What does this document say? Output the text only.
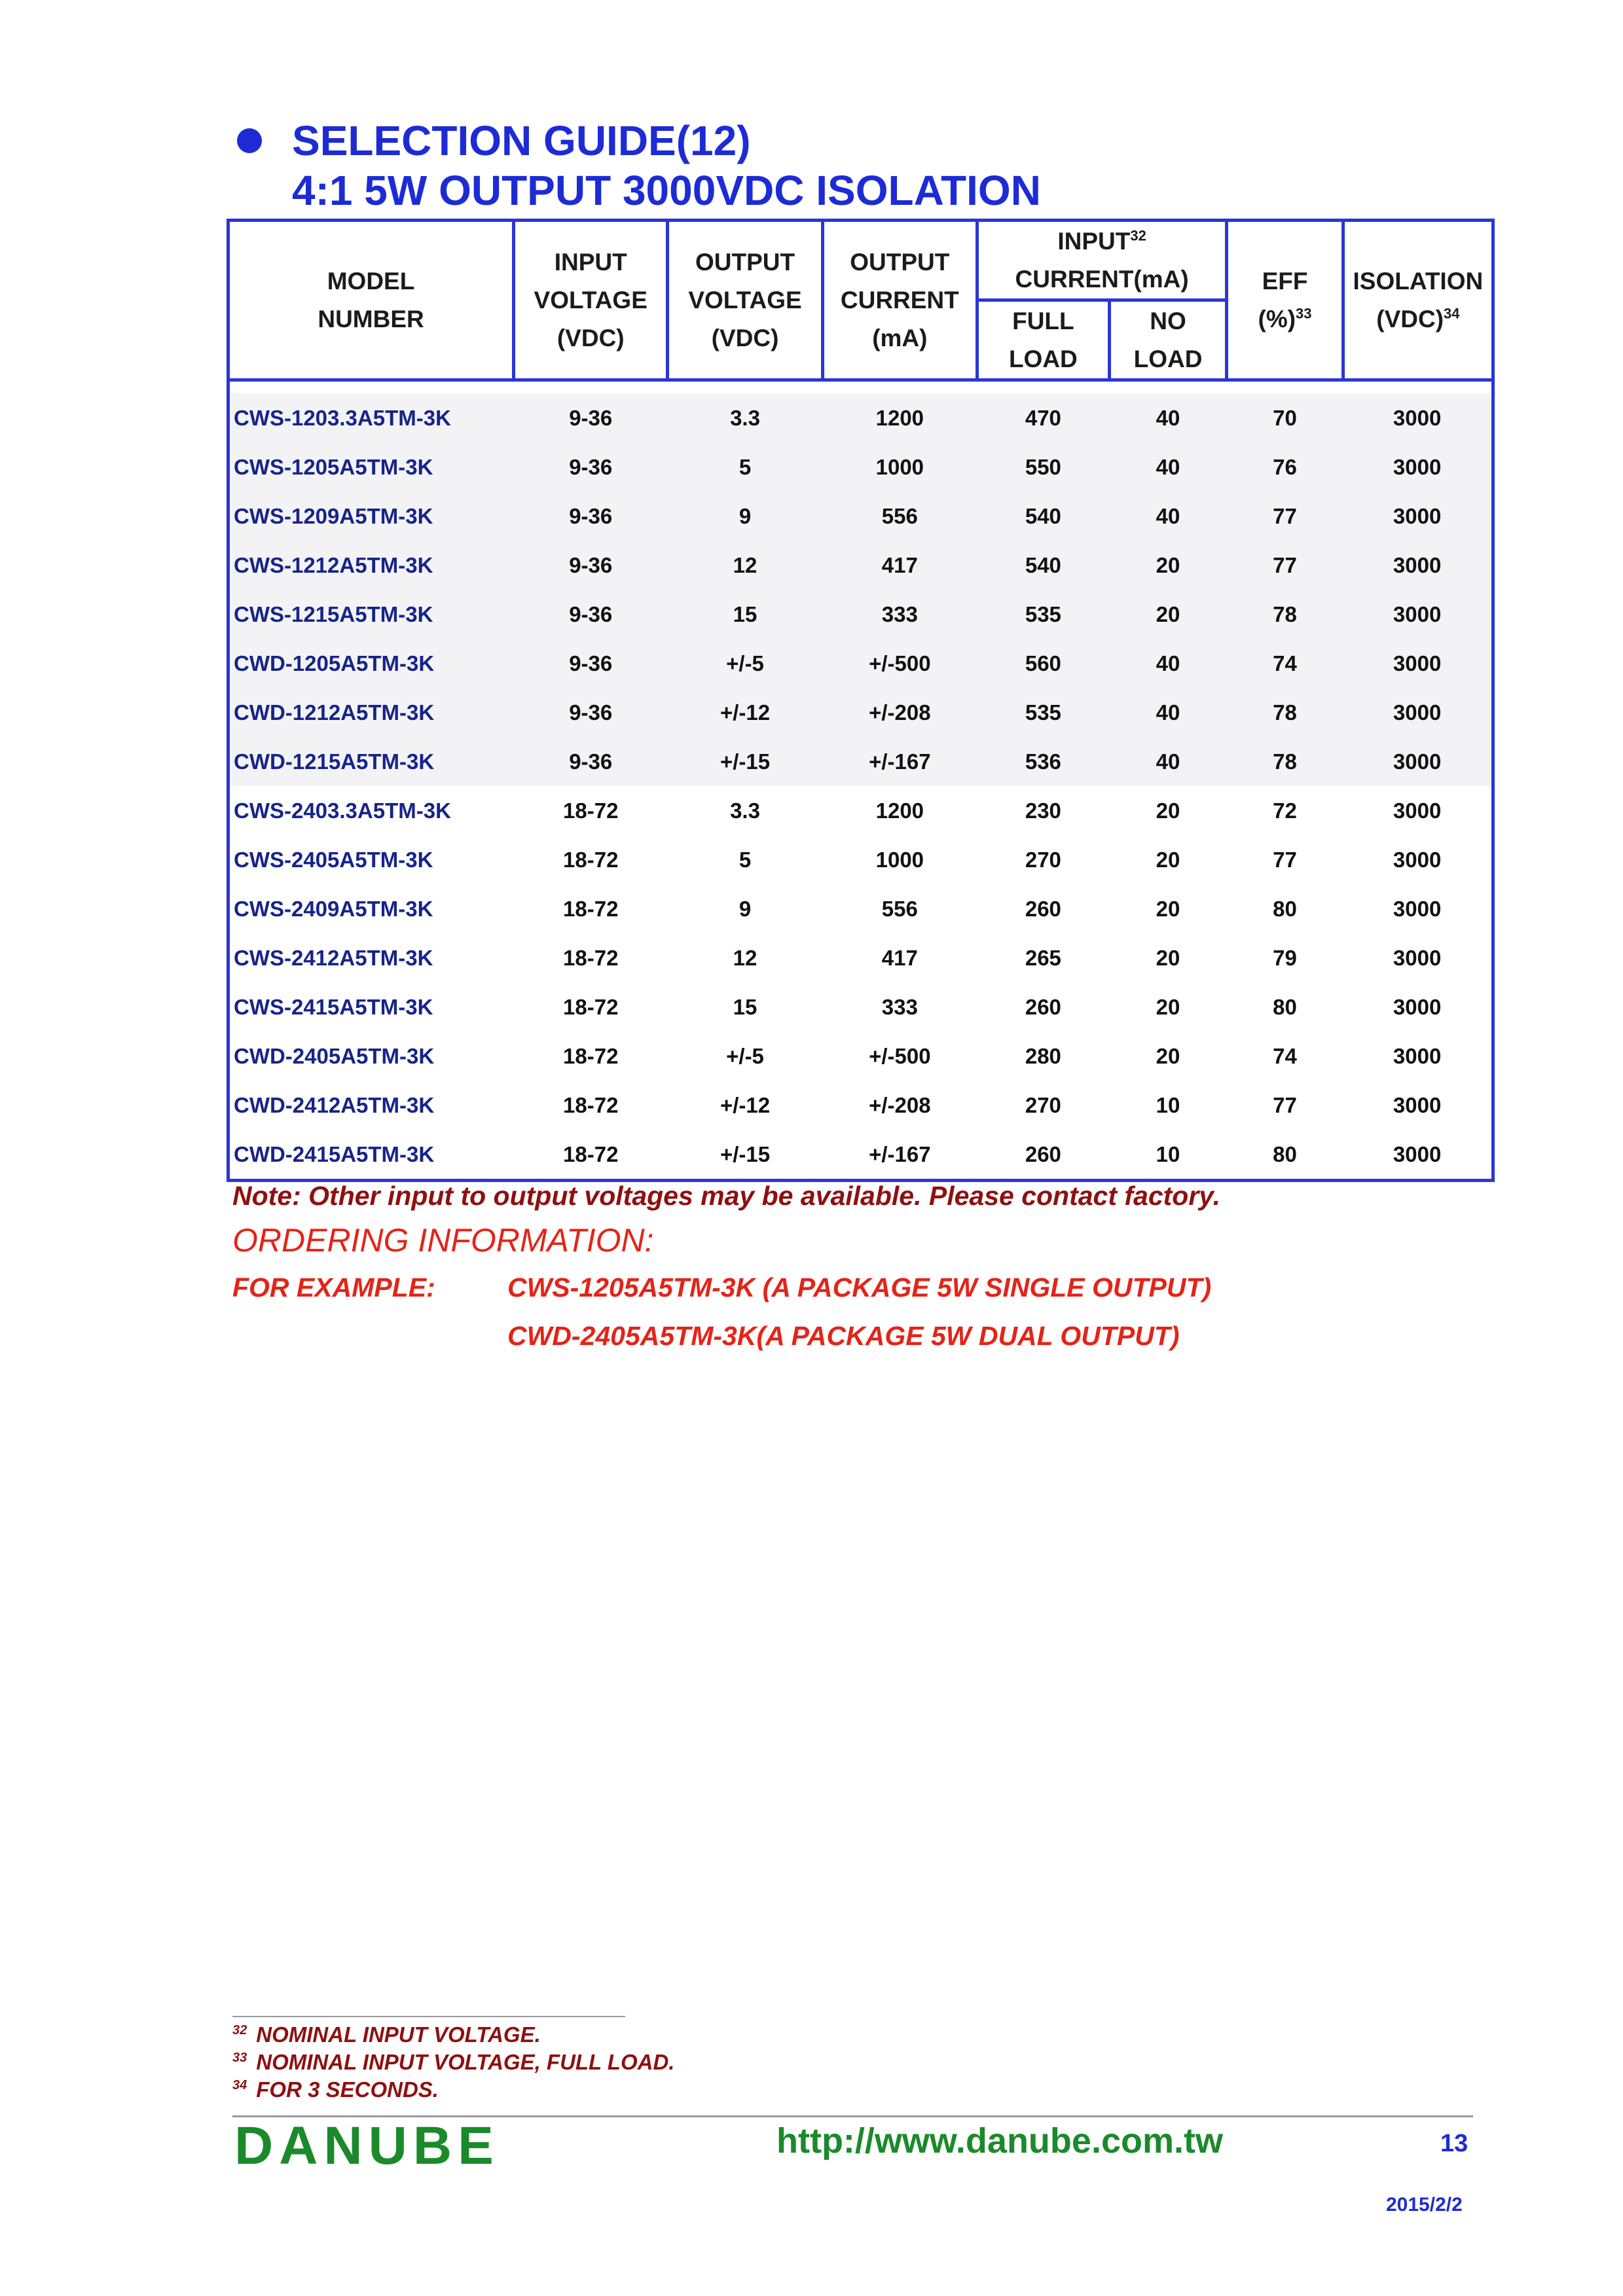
SELECTION GUIDE(12)
4:1 5W OUTPUT 3000VDC ISOLATION
MODEL
NUMBER	INPUT
VOLTAGE
(VDC)	OUTPUT
VOLTAGE
(VDC)	OUTPUT
CURRENT
(mA)	INPUT$^{32}$
CURRENT(mA)		EFF
(%)$^{33}$	ISOLATION
(VDC)$^{34}$

				FULL
LOAD	NO
LOAD		

CWS-1203.3A5TM-3K	9-36	3.3	1200	470	40	70	3000
CWS-1205A5TM-3K	9-36	5	1000	550	40	76	3000
CWS-1209A5TM-3K	9-36	9	556	540	40	77	3000
CWS-1212A5TM-3K	9-36	12	417	540	20	77	3000
CWS-1215A5TM-3K	9-36	15	333	535	20	78	3000
CWD-1205A5TM-3K	9-36	+/-5	+/-500	560	40	74	3000
CWD-1212A5TM-3K	9-36	+/-12	+/-208	535	40	78	3000
CWD-1215A5TM-3K	9-36	+/-15	+/-167	536	40	78	3000
CWS-2403.3A5TM-3K	18-72	3.3	1200	230	20	72	3000
CWS-2405A5TM-3K	18-72	5	1000	270	20	77	3000
CWS-2409A5TM-3K	18-72	9	556	260	20	80	3000
CWS-2412A5TM-3K	18-72	12	417	265	20	79	3000
CWS-2415A5TM-3K	18-72	15	333	260	20	80	3000
CWD-2405A5TM-3K	18-72	+/-5	+/-500	280	20	74	3000
CWD-2412A5TM-3K	18-72	+/-12	+/-208	270	10	77	3000
CWD-2415A5TM-3K	18-72	+/-15	+/-167	260	10	80	3000
Note: Other input to output voltages may be available. Please contact factory.
ORDERING INFORMATION:
FOR EXAMPLE:	CWS-1205A5TM-3K (A PACKAGE 5W SINGLE OUTPUT)
CWD-2405A5TM-3K(A PACKAGE 5W DUAL OUTPUT)
$^{32}$ NOMINAL INPUT VOLTAGE.
$^{33}$ NOMINAL INPUT VOLTAGE, FULL LOAD.
$^{34}$ FOR 3 SECONDS.
DANUBE	http://www.danube.com.tw	13
2015/2/2
